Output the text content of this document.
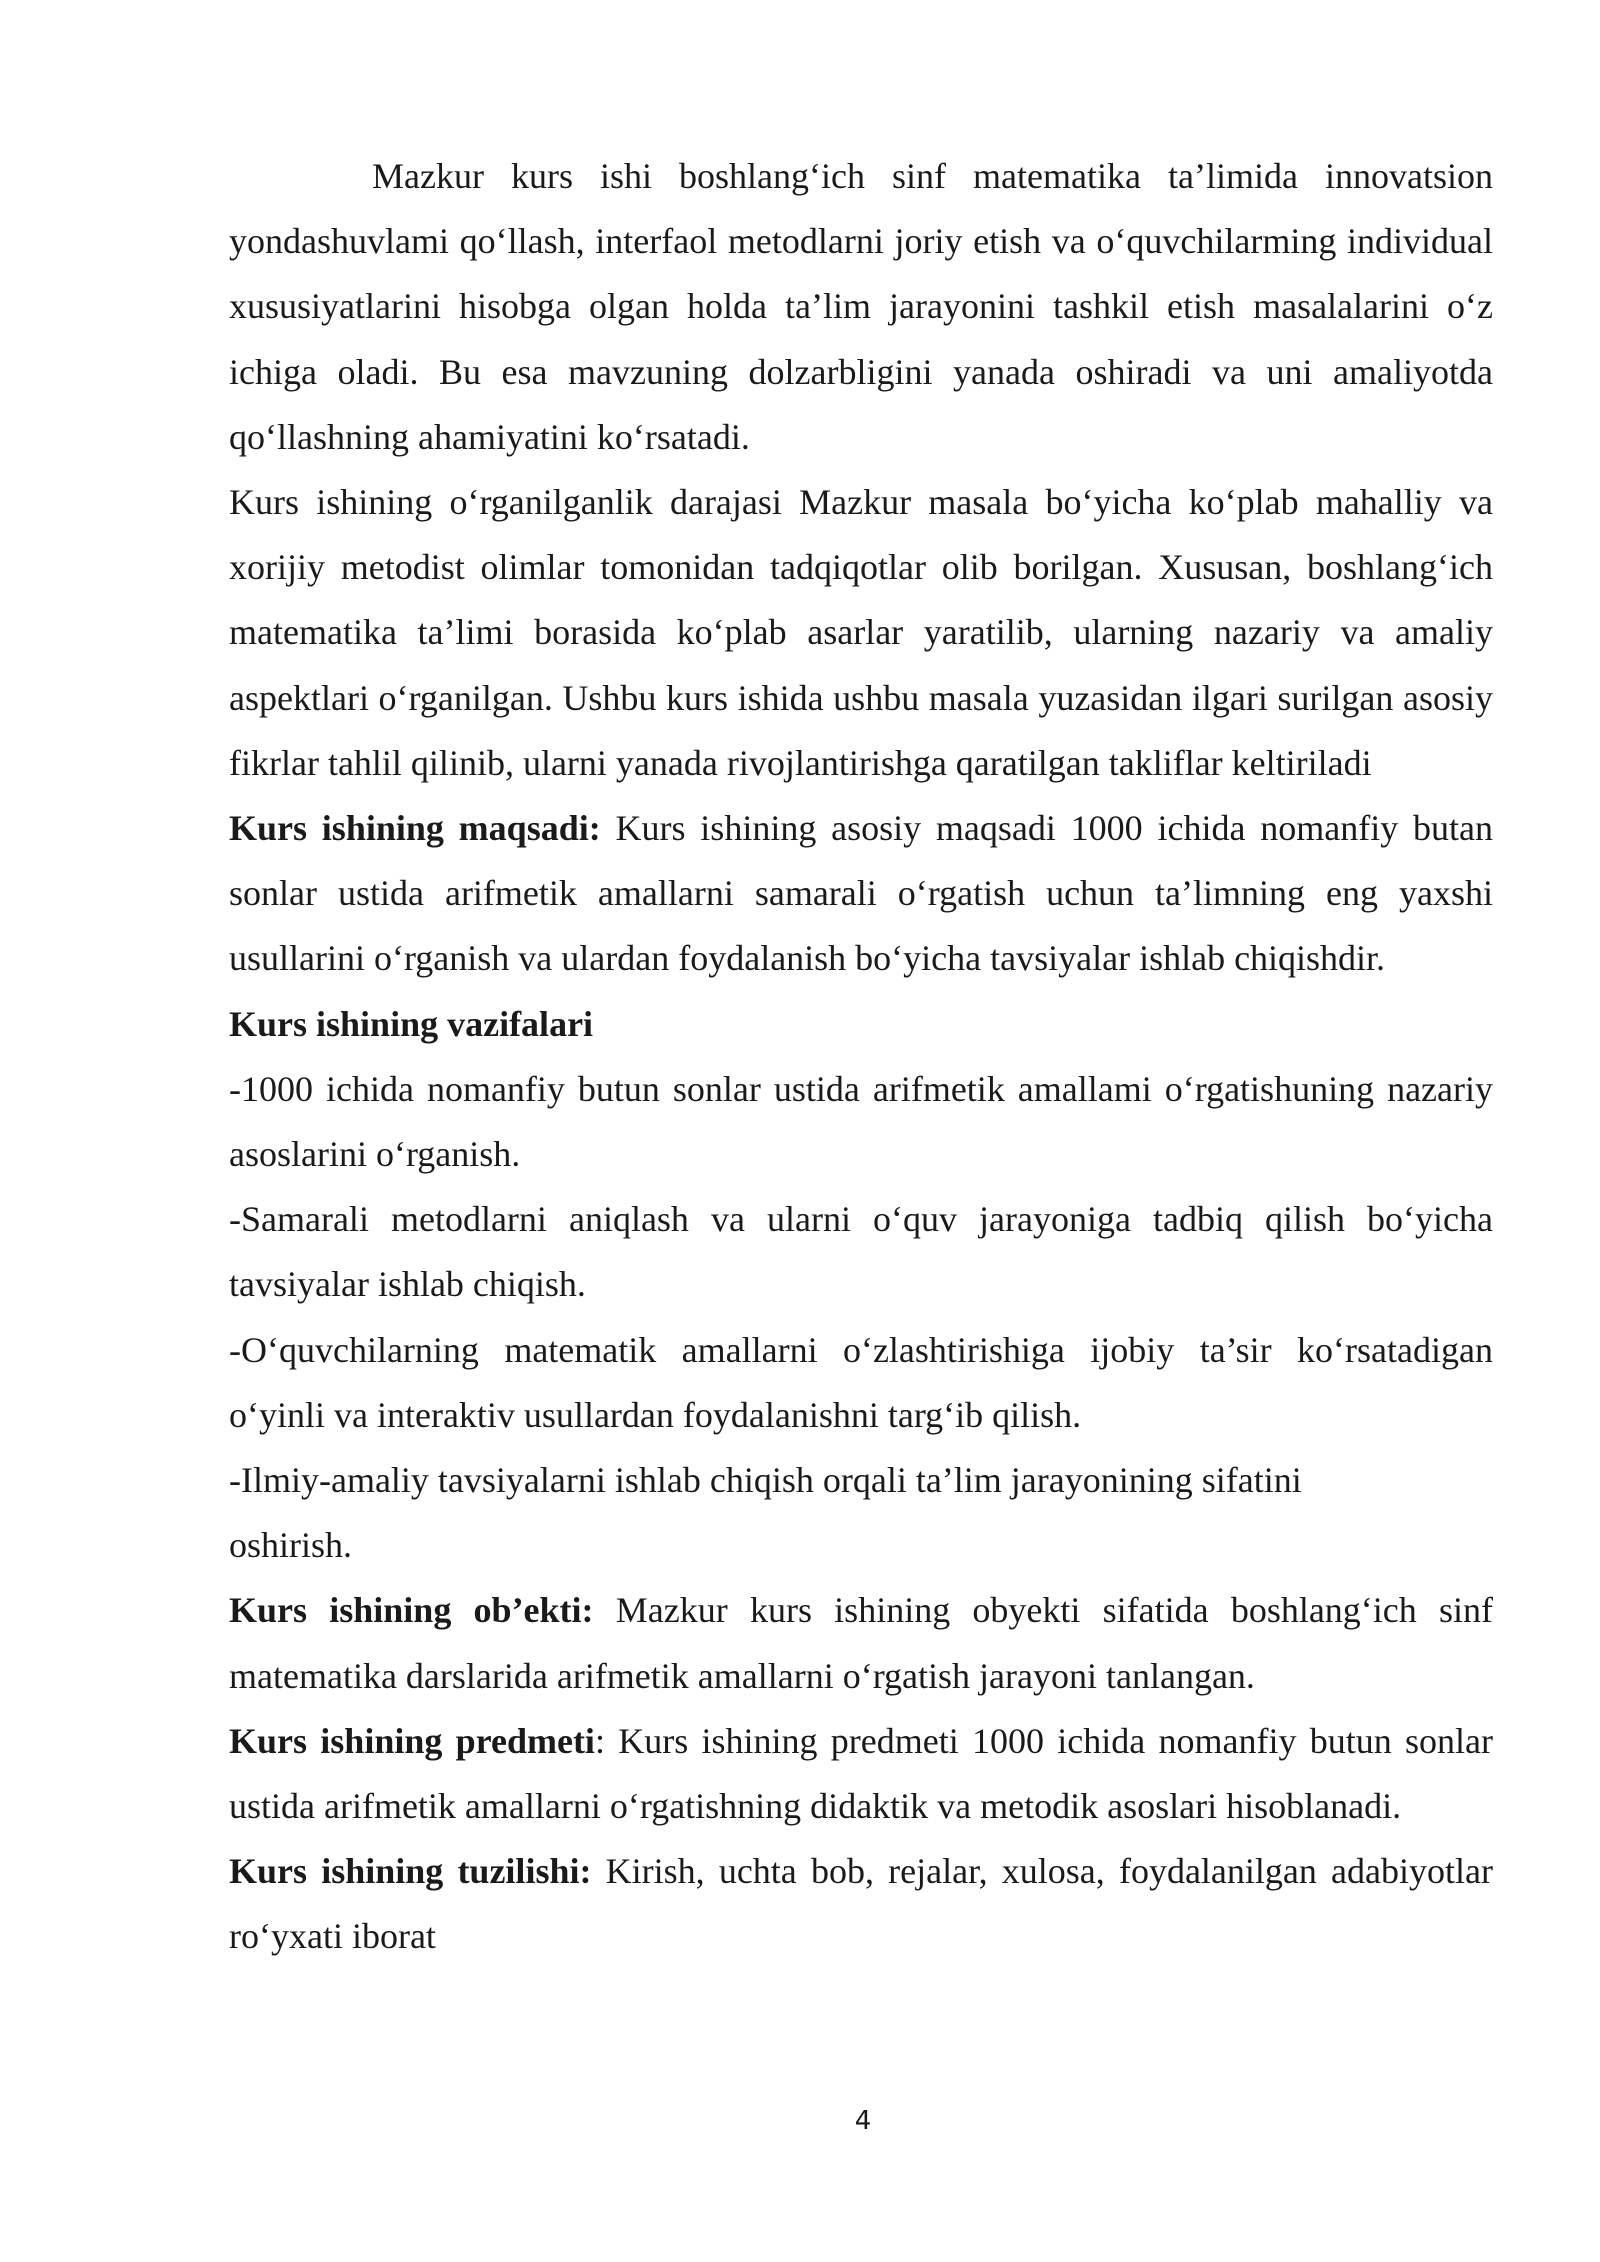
Mazkur kurs ishi boshlang‘ich sinf matematika ta’limida innovatsion yondashuvlami qo‘llash, interfaol metodlarni joriy etish va o‘quvchilarming individual xususiyatlarini hisobga olgan holda ta’lim jarayonini tashkil etish masalalarini o‘z ichiga oladi. Bu esa mavzuning dolzarbligini yanada oshiradi va uni amaliyotda qo‘llashning ahamiyatini ko‘rsatadi.

Kurs ishining o‘rganilganlik darajasi Mazkur masala bo‘yicha ko‘plab mahalliy va xorijiy metodist olimlar tomonidan tadqiqotlar olib borilgan. Xususan, boshlang‘ich matematika ta’limi borasida ko‘plab asarlar yaratilib, ularning nazariy va amaliy aspektlari o‘rganilgan. Ushbu kurs ishida ushbu masala yuzasidan ilgari surilgan asosiy fikrlar tahlil qilinib, ularni yanada rivojlantirishga qaratilgan takliflar keltiriladi

Kurs ishining maqsadi: Kurs ishining asosiy maqsadi 1000 ichida nomanfiy butan sonlar ustida arifmetik amallarni samarali o‘rgatish uchun ta’limning eng yaxshi usullarini o‘rganish va ulardan foydalanish bo‘yicha tavsiyalar ishlab chiqishdir.

Kurs ishining vazifalari

-1000 ichida nomanfiy butun sonlar ustida arifmetik amallami o‘rgatishuning nazariy asoslarini o‘rganish.

-Samarali metodlarni aniqlash va ularni o‘quv jarayoniga tadbiq qilish bo‘yicha tavsiyalar ishlab chiqish.

-O‘quvchilarning matematik amallarni o‘zlashtirishiga ijobiy ta’sir ko‘rsatadigan o‘yinli va interaktiv usullardan foydalanishni targ‘ib qilish.

-Ilmiy-amaliy tavsiyalarni ishlab chiqish orqali ta’lim jarayonining sifatini

oshirish.

Kurs ishining ob’ekti: Mazkur kurs ishining obyekti sifatida boshlang‘ich sinf matematika darslarida arifmetik amallarni o‘rgatish jarayoni tanlangan.

Kurs ishining predmeti: Kurs ishining predmeti 1000 ichida nomanfiy butun sonlar ustida arifmetik amallarni o‘rgatishning didaktik va metodik asoslari hisoblanadi.

Kurs ishining tuzilishi: Kirish, uchta bob, rejalar, xulosa, foydalanilgan adabiyotlar ro‘yxati iborat

4
